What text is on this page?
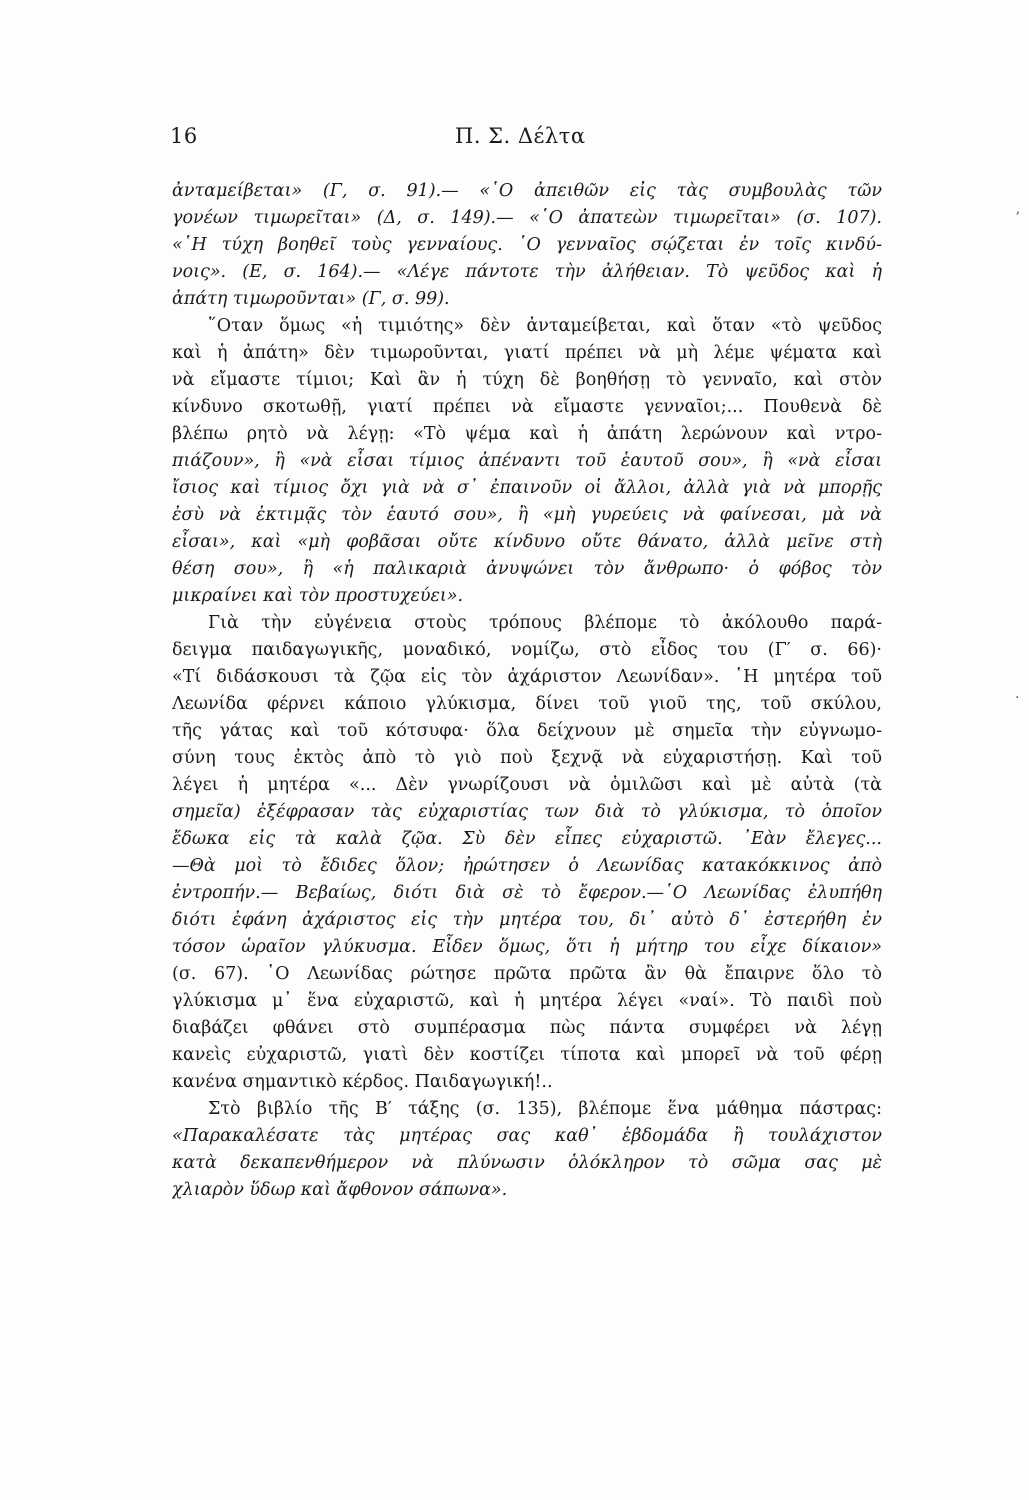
16	Π. Σ. Δέλτα
ἀνταμείβεται» (Γ, σ. 91).— «῾Ο ἀπειθῶν εἰς τὰς συμβουλὰς τῶν
γονέων τιμωρεῖται» (Δ, σ. 149).— «῾Ο ἀπατεὼν τιμωρεῖται» (σ. 107).
«῾Η τύχη βοηθεῖ τοὺς γενναίους. ῾Ο γενναῖος σῴζεται ἐν τοῖς κινδύ-
νοις». (Ε, σ. 164).— «Λέγε πάντοτε τὴν ἀλήθειαν. Τὸ ψεῦδος καὶ ἡ
ἀπάτη τιμωροῦνται» (Γ, σ. 99).
῞Οταν ὅμως «ἡ τιμιότης» δὲν ἀνταμείβεται, καὶ ὅταν «τὸ ψεῦδος
καὶ ἡ ἀπάτη» δὲν τιμωροῦνται, γιατί πρέπει νὰ μὴ λέμε ψέματα καὶ
νὰ εἴμαστε τίμιοι; Καὶ ἂν ἡ τύχη δὲ βοηθήσῃ τὸ γενναῖο, καὶ στὸν
κίνδυνο σκοτωθῇ, γιατί πρέπει νὰ εἴμαστε γενναῖοι;... Πουθενὰ δὲ
βλέπω ρητὸ νὰ λέγῃ: «Τὸ ψέμα καὶ ἡ ἀπάτη λερώνουν καὶ ντρο-
πιάζουν», ἢ «νὰ εἶσαι τίμιος ἀπέναντι τοῦ ἑαυτοῦ σου», ἢ «νὰ εἶσαι
ἴσιος καὶ τίμιος ὄχι γιὰ νὰ σ᾽ ἐπαινοῦν οἱ ἄλλοι, ἀλλὰ γιὰ νὰ μπορῇς
ἐσὺ νὰ ἐκτιμᾷς τὸν ἑαυτό σου», ἢ «μὴ γυρεύεις νὰ φαίνεσαι, μὰ νὰ
εἶσαι», καὶ «μὴ φοβᾶσαι οὔτε κίνδυνο οὔτε θάνατο, ἀλλὰ μεῖνε στὴ
θέση σου», ἢ «ἡ παλικαριὰ ἀνυψώνει τὸν ἄνθρωπο· ὁ φόβος τὸν
μικραίνει καὶ τὸν προστυχεύει».
Γιὰ τὴν εὐγένεια στοὺς τρόπους βλέπομε τὸ ἀκόλουθο παρά-
δειγμα παιδαγωγικῆς, μοναδικό, νομίζω, στὸ εἶδος του (Γ′ σ. 66)·
«Τί διδάσκουσι τὰ ζῷα εἰς τὸν ἀχάριστον Λεωνίδαν». ῾Η μητέρα τοῦ
Λεωνίδα φέρνει κάποιο γλύκισμα, δίνει τοῦ γιοῦ της, τοῦ σκύλου,
τῆς γάτας καὶ τοῦ κότσυφα· ὅλα δείχνουν μὲ σημεῖα τὴν εὐγνωμο-
σύνη τους ἐκτὸς ἀπὸ τὸ γιὸ ποὺ ξεχνᾷ νὰ εὐχαριστήσῃ. Καὶ τοῦ
λέγει ἡ μητέρα «... Δὲν γνωρίζουσι νὰ ὁμιλῶσι καὶ μὲ αὐτὰ (τὰ
σημεῖα) ἐξέφρασαν τὰς εὐχαριστίας των διὰ τὸ γλύκισμα, τὸ ὁποῖον
ἔδωκα εἰς τὰ καλὰ ζῷα. Σὺ δὲν εἶπες εὐχαριστῶ. ᾿Εὰν ἔλεγες...
—Θὰ μοὶ τὸ ἔδιδες ὅλον; ἠρώτησεν ὁ Λεωνίδας κατακόκκινος ἀπὸ
ἐντροπήν.— Βεβαίως, διότι διὰ σὲ τὸ ἔφερον.—῾Ο Λεωνίδας ἐλυπήθη
διότι ἐφάνη ἀχάριστος εἰς τὴν μητέρα του, δι᾽ αὐτὸ δ᾽ ἐστερήθη ἐν
τόσον ὡραῖον γλύκυσμα. Εἶδεν ὅμως, ὅτι ἡ μήτηρ του εἶχε δίκαιον»
(σ. 67). ῾Ο Λεωνίδας ρώτησε πρῶτα πρῶτα ἂν θὰ ἔπαιρνε ὅλο τὸ
γλύκισμα μ᾽ ἕνα εὐχαριστῶ, καὶ ἡ μητέρα λέγει «ναί». Τὸ παιδὶ ποὺ
διαβάζει φθάνει στὸ συμπέρασμα πὼς πάντα συμφέρει νὰ λέγῃ
κανεὶς εὐχαριστῶ, γιατὶ δὲν κοστίζει τίποτα καὶ μπορεῖ νὰ τοῦ φέρῃ
κανένα σημαντικὸ κέρδος. Παιδαγωγική!..
Στὸ βιβλίο τῆς Β′ τάξης (σ. 135), βλέπομε ἕνα μάθημα πάστρας:
«Παρακαλέσατε τὰς μητέρας σας καθ᾽ ἑβδομάδα ἢ τουλάχιστον
κατὰ δεκαπενθήμερον νὰ πλύνωσιν ὁλόκληρον τὸ σῶμα σας μὲ
χλιαρὸν ὕδωρ καὶ ἄφθονον σάπωνα».
ʼ
·
